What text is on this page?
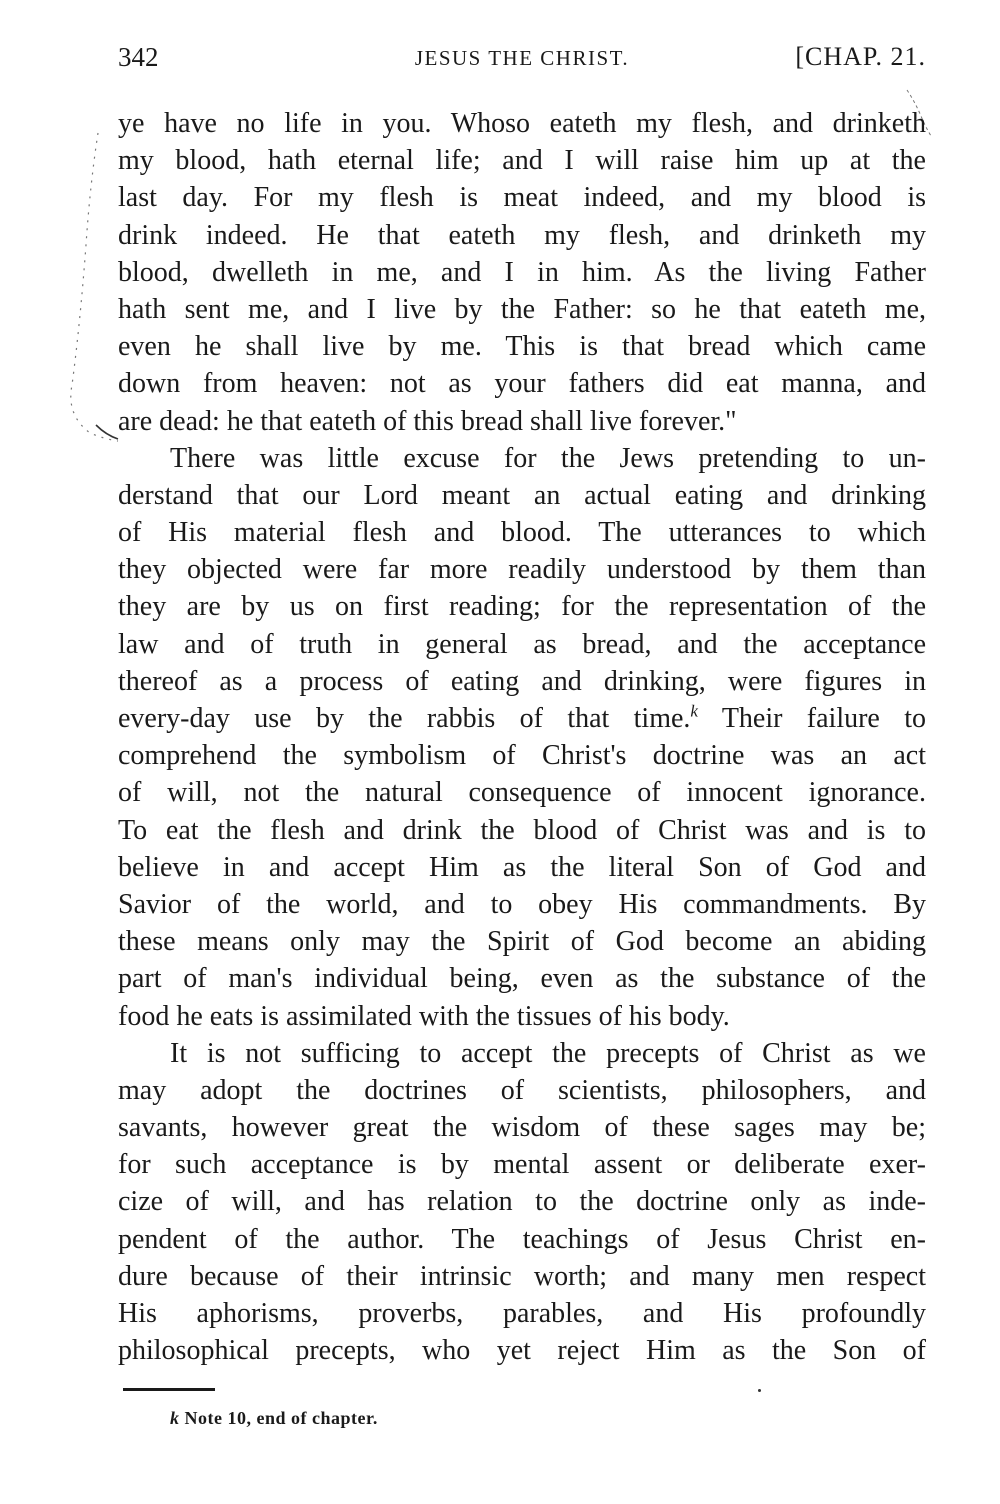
342	JESUS THE CHRIST.	[CHAP. 21.
ye have no life in you. Whoso eateth my flesh, and drinketh
my blood, hath eternal life; and I will raise him up at the
last day. For my flesh is meat indeed, and my blood is
drink indeed. He that eateth my flesh, and drinketh my
blood, dwelleth in me, and I in him. As the living Father
hath sent me, and I live by the Father: so he that eateth me,
even he shall live by me. This is that bread which came
down from heaven: not as your fathers did eat manna, and
are dead: he that eateth of this bread shall live forever."
There was little excuse for the Jews pretending to un-
derstand that our Lord meant an actual eating and drinking
of His material flesh and blood. The utterances to which
they objected were far more readily understood by them than
they are by us on first reading; for the representation of the
law and of truth in general as bread, and the acceptance
thereof as a process of eating and drinking, were figures in
every-day use by the rabbis of that time.$^k$ Their failure to
comprehend the symbolism of Christ's doctrine was an act
of will, not the natural consequence of innocent ignorance.
To eat the flesh and drink the blood of Christ was and is to
believe in and accept Him as the literal Son of God and
Savior of the world, and to obey His commandments. By
these means only may the Spirit of God become an abiding
part of man's individual being, even as the substance of the
food he eats is assimilated with the tissues of his body.
It is not sufficing to accept the precepts of Christ as we
may adopt the doctrines of scientists, philosophers, and
savants, however great the wisdom of these sages may be;
for such acceptance is by mental assent or deliberate exer-
cize of will, and has relation to the doctrine only as inde-
pendent of the author. The teachings of Jesus Christ en-
dure because of their intrinsic worth; and many men respect
His aphorisms, proverbs, parables, and His profoundly
philosophical precepts, who yet reject Him as the Son of
k Note 10, end of chapter.
